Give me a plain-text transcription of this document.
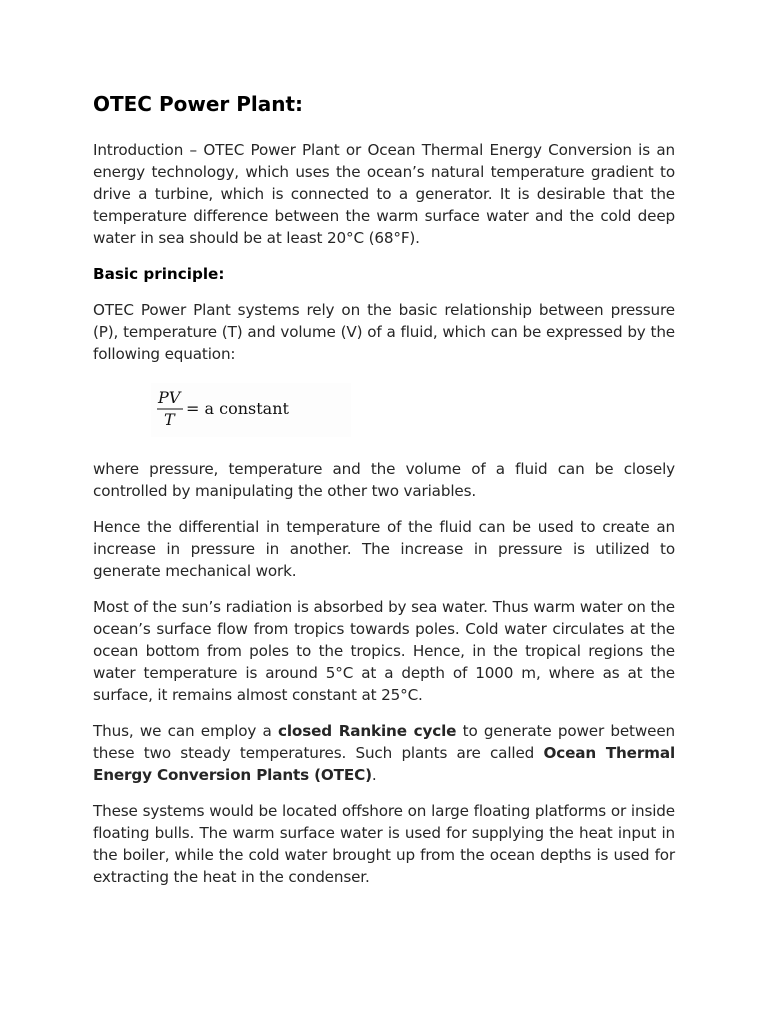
OTEC Power Plant:

Introduction – OTEC Power Plant or Ocean Thermal Energy Conversion is an energy technology, which uses the ocean’s natural temperature gradient to drive a turbine, which is connected to a generator. It is desirable that the temperature difference between the warm surface water and the cold deep water in sea should be at least 20°C (68°F).

Basic principle:

OTEC Power Plant systems rely on the basic relationship between pressure (P), temperature (T) and volume (V) of a fluid, which can be expressed by the following equation:

PV
T
= a constant

where pressure, temperature and the volume of a fluid can be closely controlled by manipulating the other two variables.

Hence the differential in temperature of the fluid can be used to create an increase in pressure in another. The increase in pressure is utilized to generate mechanical work.

Most of the sun’s radiation is absorbed by sea water. Thus warm water on the ocean’s surface flow from tropics towards poles. Cold water circulates at the ocean bottom from poles to the tropics. Hence, in the tropical regions the water temperature is around 5°C at a depth of 1000 m, where as at the surface, it remains almost constant at 25°C.

Thus, we can employ a closed Rankine cycle to generate power between these two steady temperatures. Such plants are called Ocean Thermal Energy Conversion Plants (OTEC).

These systems would be located offshore on large floating platforms or inside floating bulls. The warm surface water is used for supplying the heat input in the boiler, while the cold water brought up from the ocean depths is used for extracting the heat in the condenser.
